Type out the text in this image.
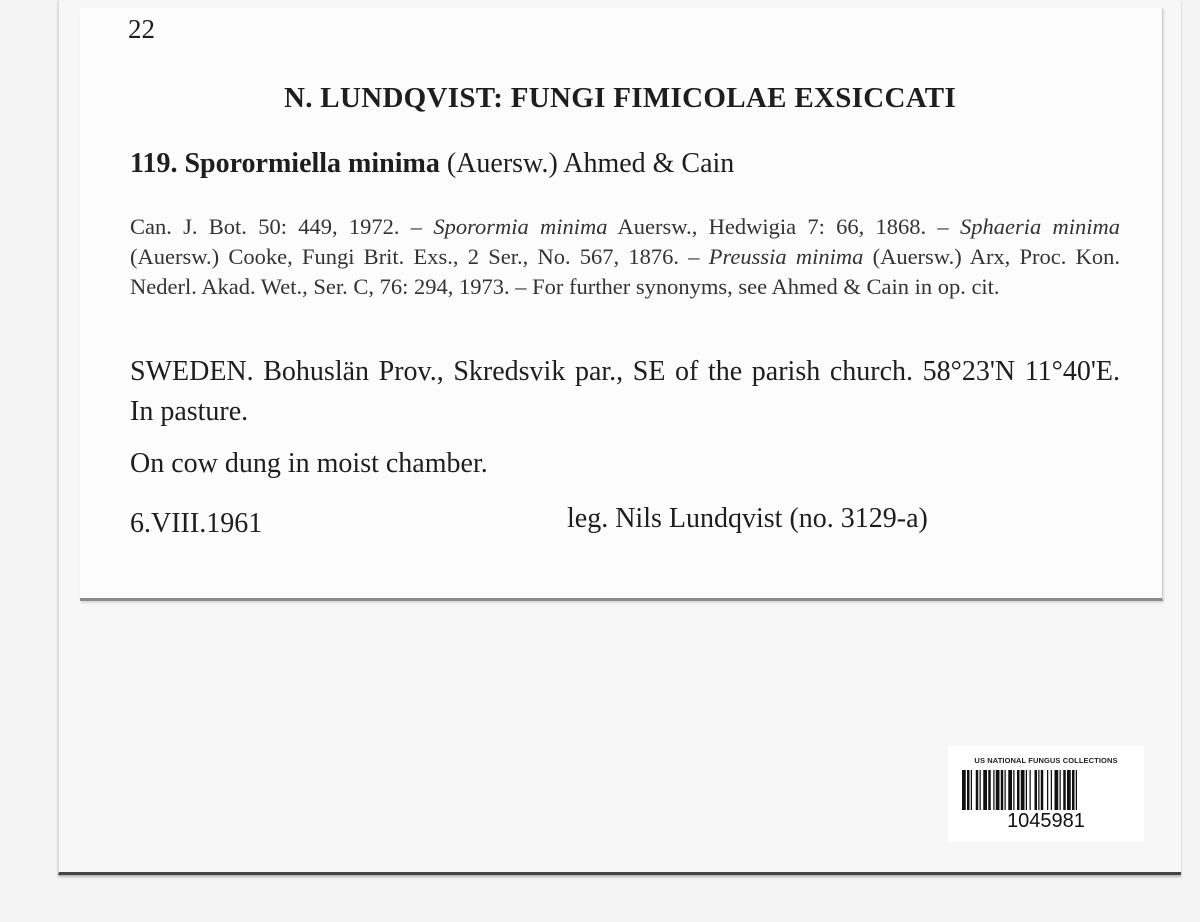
22
N. LUNDQVIST: FUNGI FIMICOLAE EXSICCATI
119. Sporormiella minima (Auersw.) Ahmed & Cain
Can. J. Bot. 50: 449, 1972. – Sporormia minima Auersw., Hedwigia 7: 66, 1868. – Sphaeria minima (Auersw.) Cooke, Fungi Brit. Exs., 2 Ser., No. 567, 1876. – Preussia minima (Auersw.) Arx, Proc. Kon. Nederl. Akad. Wet., Ser. C, 76: 294, 1973. – For further synonyms, see Ahmed & Cain in op. cit.
SWEDEN. Bohuslän Prov., Skredsvik par., SE of the parish church. 58°23'N 11°40'E. In pasture.
On cow dung in moist chamber.
6.VIII.1961	leg. Nils Lundqvist (no. 3129-a)
US NATIONAL FUNGUS COLLECTIONS
1045981
